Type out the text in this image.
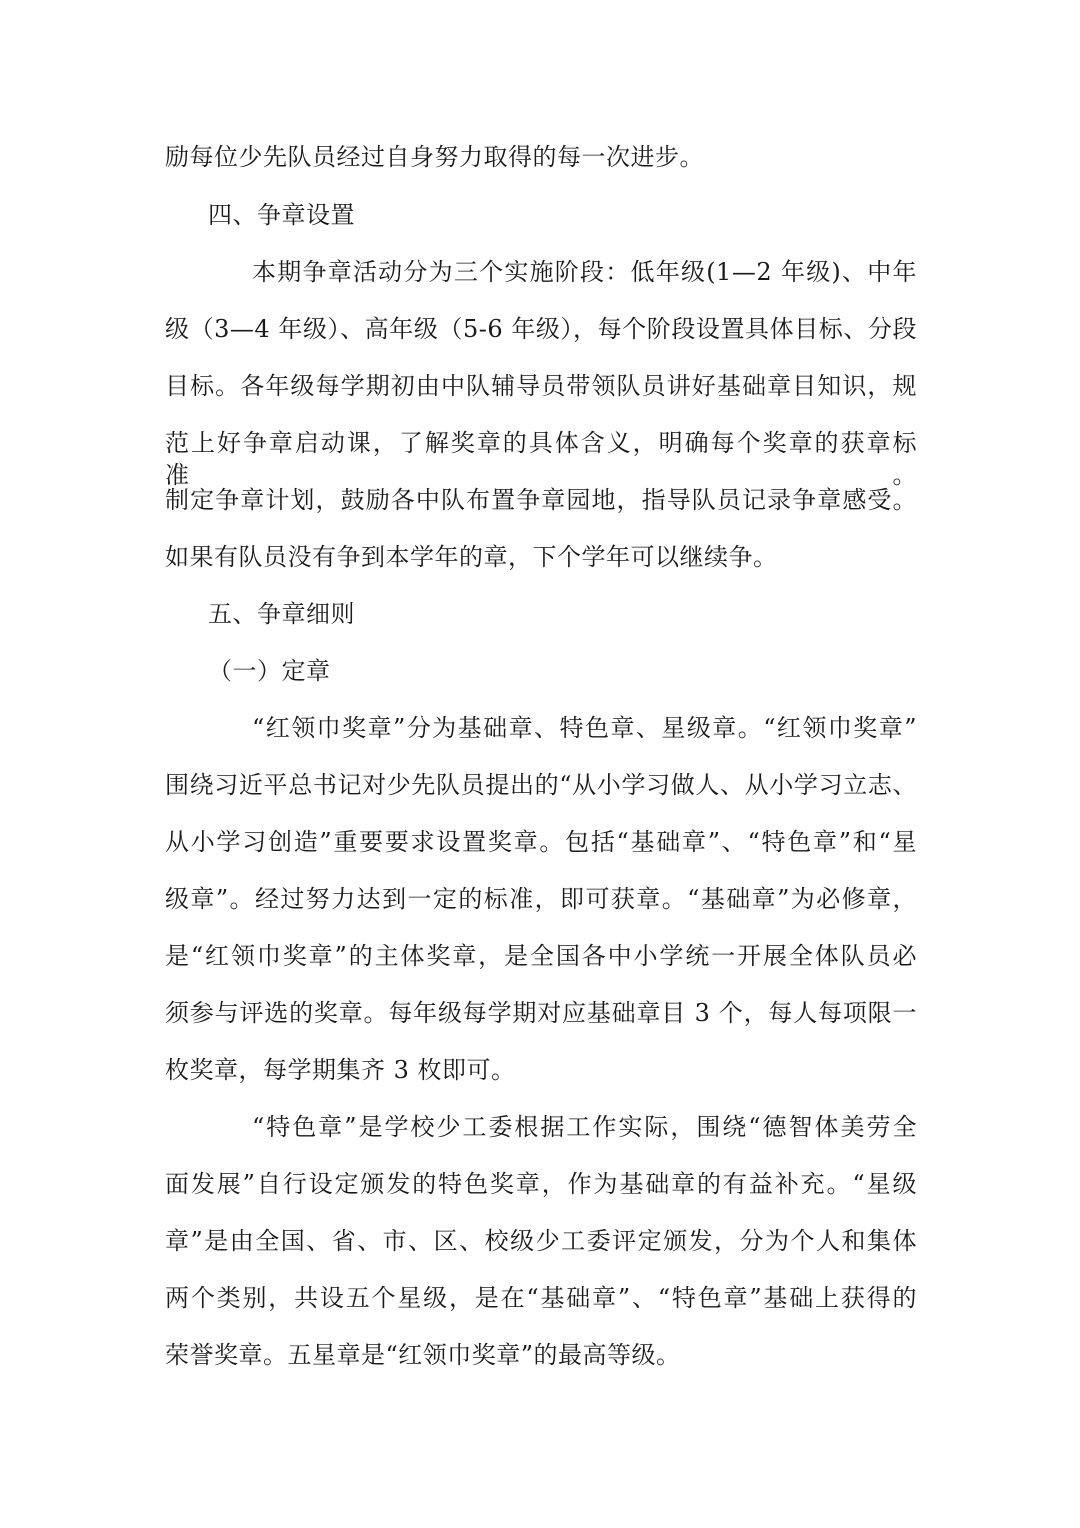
励每位少先队员经过自身努力取得的每一次进步。
四、争章设置
本期争章活动分为三个实施阶段：低年级(1—2 年级)、中年
级（3—4 年级）、高年级（5-6 年级），每个阶段设置具体目标、分段
目标。各年级每学期初由中队辅导员带领队员讲好基础章目知识，规
范上好争章启动课，了解奖章的具体含义，明确每个奖章的获章标准。
制定争章计划，鼓励各中队布置争章园地，指导队员记录争章感受。
如果有队员没有争到本学年的章，下个学年可以继续争。
五、争章细则
（一）定章
“红领巾奖章”分为基础章、特色章、星级章。“红领巾奖章”
围绕习近平总书记对少先队员提出的“从小学习做人、从小学习立志、
从小学习创造”重要要求设置奖章。包括“基础章”、“特色章”和“星
级章”。经过努力达到一定的标准，即可获章。“基础章”为必修章，
是“红领巾奖章”的主体奖章，是全国各中小学统一开展全体队员必
须参与评选的奖章。每年级每学期对应基础章目 3 个，每人每项限一
枚奖章，每学期集齐 3 枚即可。
“特色章”是学校少工委根据工作实际，围绕“德智体美劳全
面发展”自行设定颁发的特色奖章，作为基础章的有益补充。“星级
章”是由全国、省、市、区、校级少工委评定颁发，分为个人和集体
两个类别，共设五个星级，是在“基础章”、“特色章”基础上获得的
荣誉奖章。五星章是“红领巾奖章”的最高等级。
